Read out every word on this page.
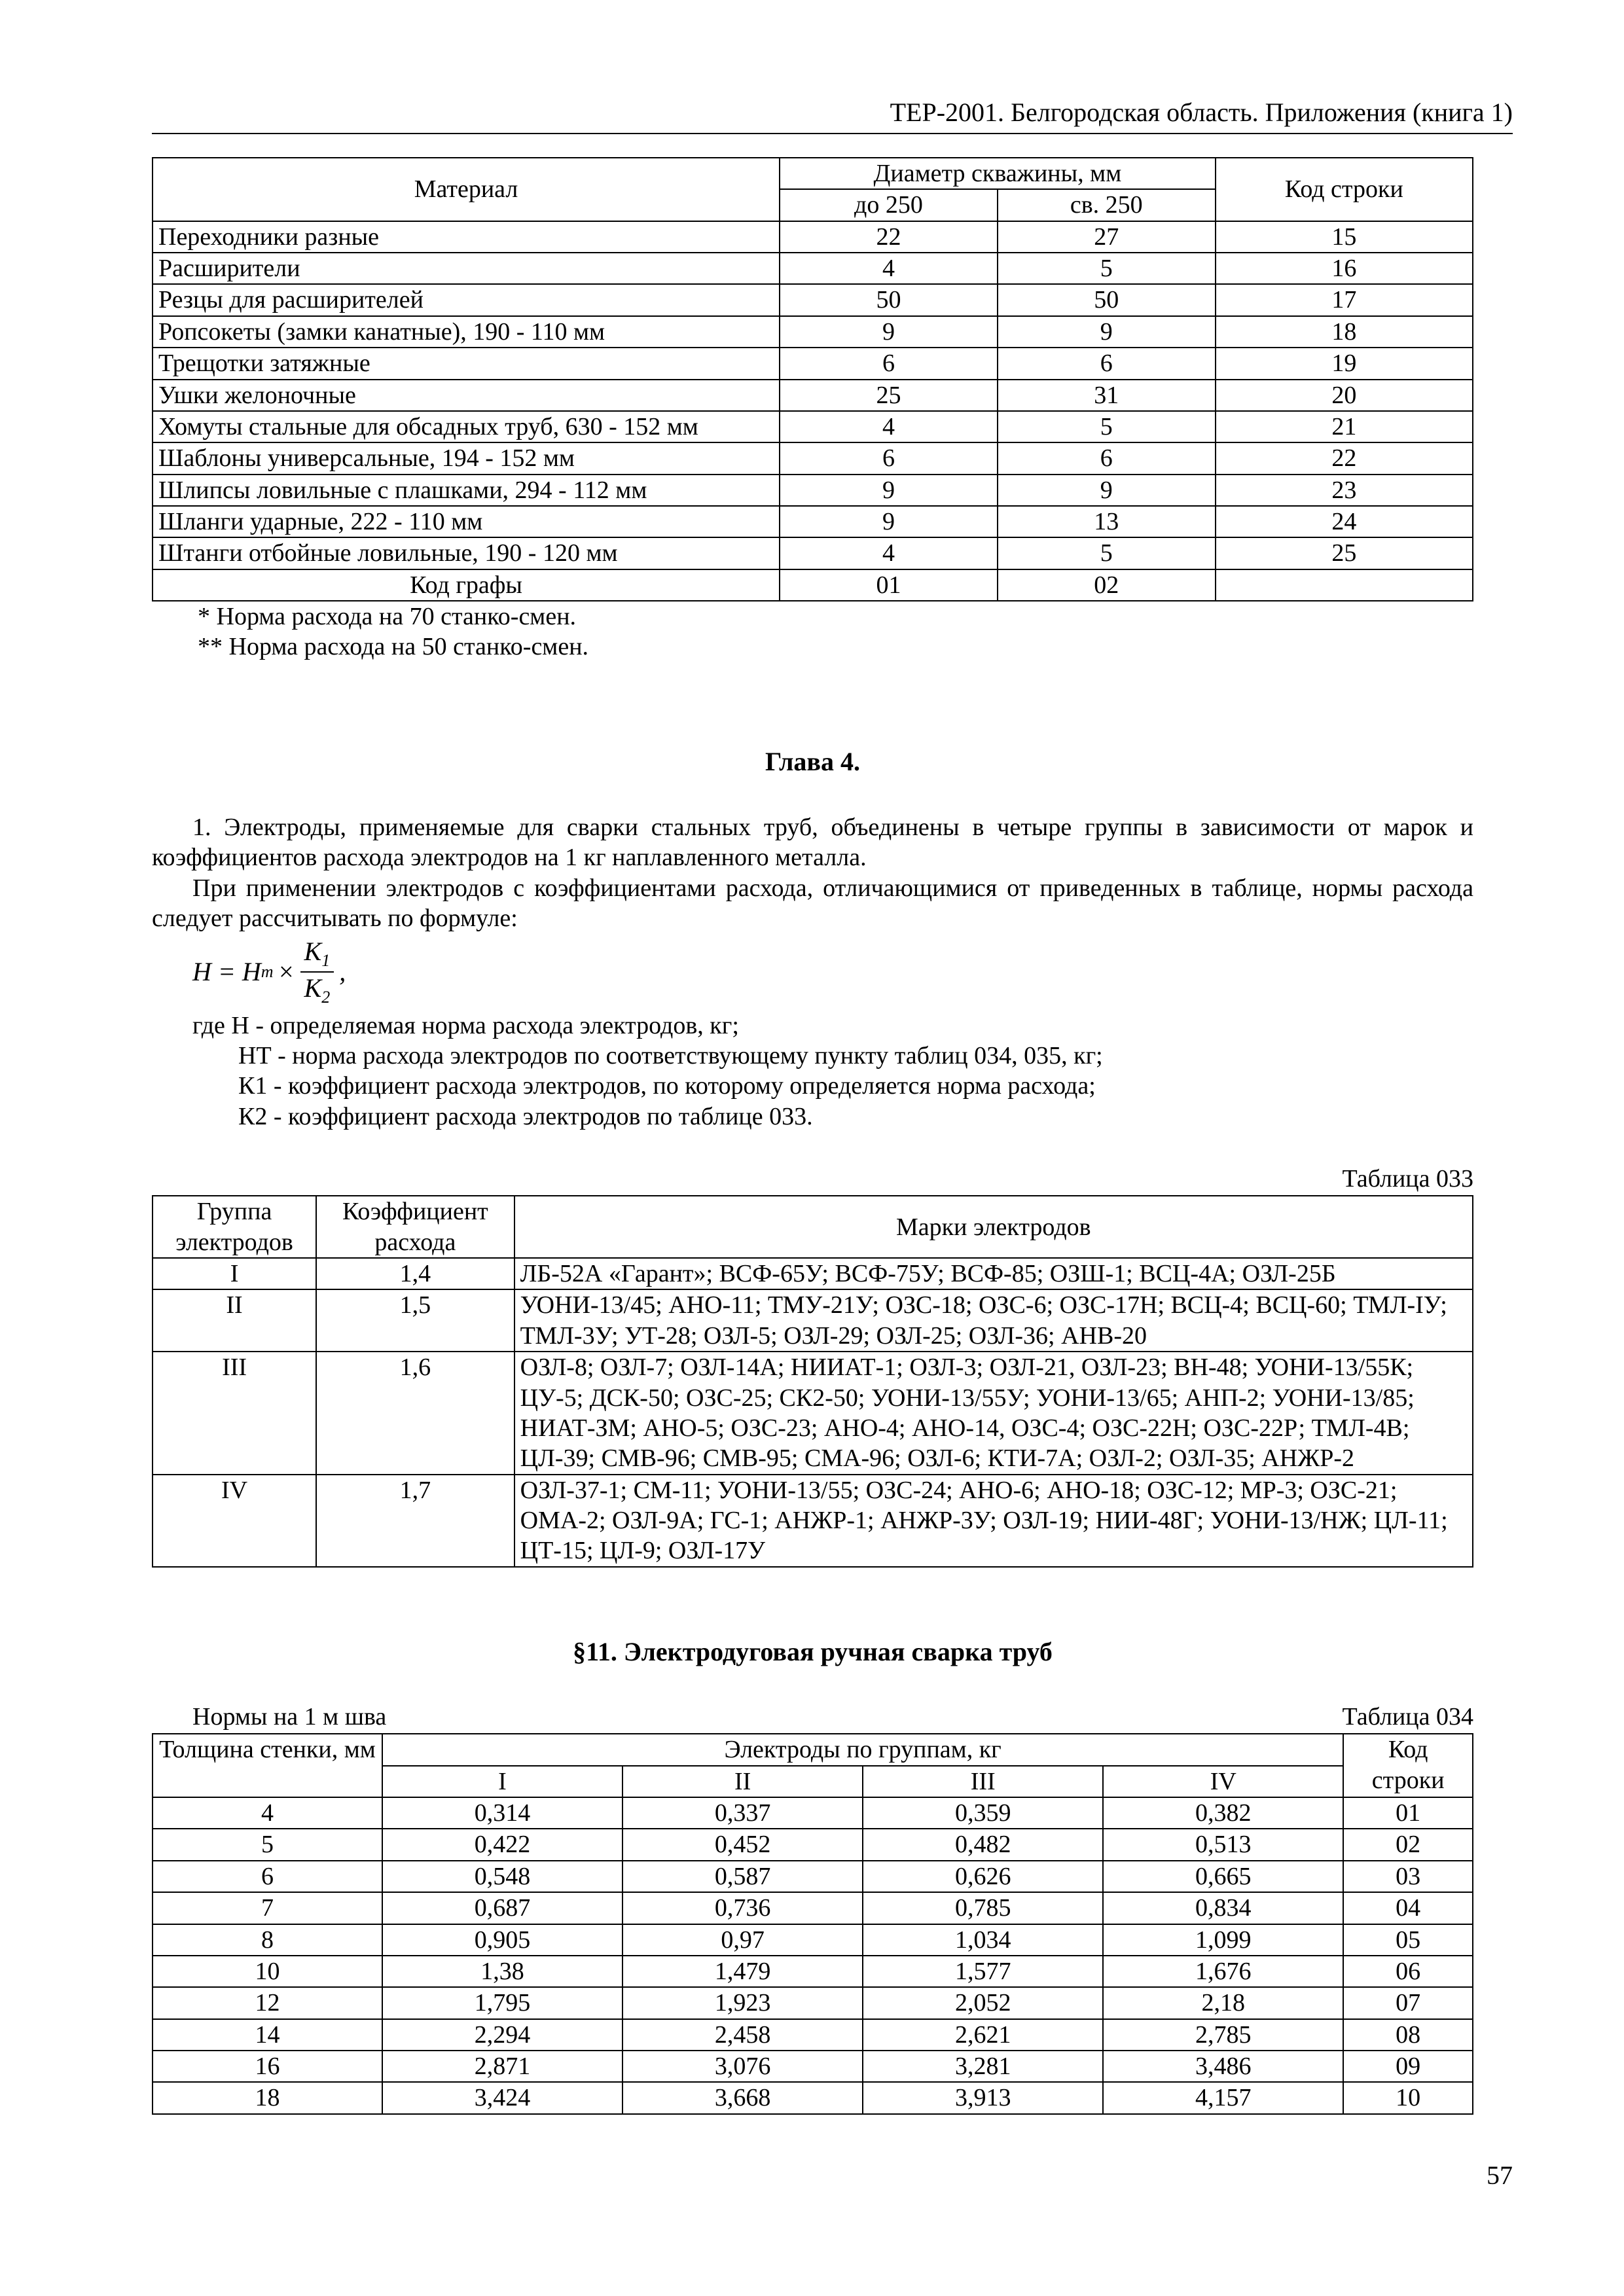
ТЕР-2001. Белгородская область. Приложения (книга 1)
Материал	Диаметр скважины, мм		Код строки
	до 250	св. 250	
Переходники разные	22	27	15
Расширители	4	5	16
Резцы для расширителей	50	50	17
Ропсокеты (замки канатные), 190 - 110 мм	9	9	18
Трещотки затяжные	6	6	19
Ушки желоночные	25	31	20
Хомуты стальные для обсадных труб, 630 - 152 мм	4	5	21
Шаблоны универсальные, 194 - 152 мм	6	6	22
Шлипсы ловильные с плашками, 294 - 112 мм	9	9	23
Шланги ударные, 222 - 110 мм	9	13	24
Штанги отбойные ловильные, 190 - 120 мм	4	5	25
Код графы	01	02	

* Норма расхода на 70 станко-смен.

** Норма расхода на 50 станко-смен.

Глава 4.

1. Электроды, применяемые для сварки стальных труб, объединены в четыре группы в зависимости от марок и коэффициентов расхода электродов на 1 кг наплавленного металла.

При применении электродов с коэффициентами расхода, отличающимися от приведенных в таблице, нормы расхода следует рассчитывать по формуле:

H = H $т \times \frac{K_1}{K_2}$ ,

где Н - определяемая норма расхода электродов, кг;

НТ - норма расхода электродов по соответствующему пункту таблиц 034, 035, кг;

К1 - коэффициент расхода электродов, по которому определяется норма расхода;

К2 - коэффициент расхода электродов по таблице 033.

Таблица 033

Группа электродов	Коэффициент расхода	Марки электродов
I	1,4	ЛБ-52А «Гарант»; ВСФ-65У; ВСФ-75У; ВСФ-85; ОЗШ-1; ВСЦ-4А; ОЗЛ-25Б
II	1,5	УОНИ-13/45; АНО-11; ТМУ-21У; ОЗС-18; ОЗС-6; ОЗС-17Н; ВСЦ-4; ВСЦ-60; ТМЛ-IУ; ТМЛ-3У; УТ-28; ОЗЛ-5; ОЗЛ-29; ОЗЛ-25; ОЗЛ-36; АНВ-20
III	1,6	ОЗЛ-8; ОЗЛ-7; ОЗЛ-14А; НИИАТ-1; ОЗЛ-3; ОЗЛ-21, ОЗЛ-23; ВН-48; УОНИ-13/55К; ЦУ-5; ДСК-50; ОЗС-25; СК2-50; УОНИ-13/55У; УОНИ-13/65; АНП-2; УОНИ-13/85; НИАТ-ЗМ; АНО-5; ОЗС-23; АНО-4; АНО-14, ОЗС-4; ОЗС-22Н; ОЗС-22Р; ТМЛ-4В; ЦЛ-39; СМВ-96; СМВ-95; СМА-96; ОЗЛ-6; КТИ-7А; ОЗЛ-2; ОЗЛ-35; АНЖР-2
IV	1,7	ОЗЛ-37-1; СМ-11; УОНИ-13/55; ОЗС-24; АНО-6; АНО-18; ОЗС-12; МР-3; ОЗС-21; ОМА-2; ОЗЛ-9А; ГС-1; АНЖР-1; АНЖР-3У; ОЗЛ-19; НИИ-48Г; УОНИ-13/НЖ; ЦЛ-11; ЦТ-15; ЦЛ-9; ОЗЛ-17У

§11. Электродуговая ручная сварка труб

Нормы на 1 м шва	Таблица 034
Толщина стенки, мм	Электроды по группам, кг				Код строки
	I	II	III	IV	
4	0,314	0,337	0,359	0,382	01
5	0,422	0,452	0,482	0,513	02
6	0,548	0,587	0,626	0,665	03
7	0,687	0,736	0,785	0,834	04
8	0,905	0,97	1,034	1,099	05
10	1,38	1,479	1,577	1,676	06
12	1,795	1,923	2,052	2,18	07
14	2,294	2,458	2,621	2,785	08
16	2,871	3,076	3,281	3,486	09
18	3,424	3,668	3,913	4,157	10
57
